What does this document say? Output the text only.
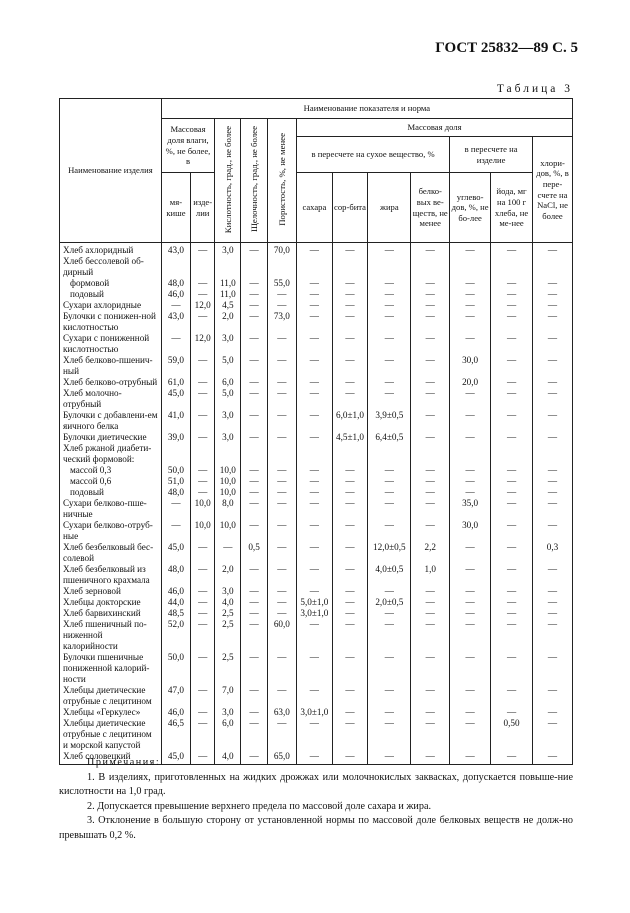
ГОСТ 25832—89 С. 5
Таблица 3
Наименование изделия	Наименование показателя и норма											
	Массовая доля влаги, %, не более, в		Кислотность, град., не более	Щелочность, град., не более	Пористость, %, не менее	Массовая доля						
						в пересчете на сухое вещество, %				в пересчете на изделие		хлори-дов, %, в пере-счете на NaCl, не более
	мя-кише	изде-лии				сахара	сор-бита	жира	белко-вых ве-ществ, не менее	углево-дов, %, не бо-лее	йода, мг на 100 г хлеба, не ме-нее	
Хлеб ахлоридный	43,0	—	3,0	—	70,0	—	—	—	—	—	—	—
Хлеб бессолевой об-дирный												
формовой	48,0	—	11,0	—	55,0	—	—	—	—	—	—	—
подовый	46,0	—	11,0	—	—	—	—	—	—	—	—	—
Сухари ахлоридные	—	12,0	4,5	—	—	—	—	—	—	—	—	—
Булочки с понижен-ной кислотностью	43,0	—	2,0	—	73,0	—	—	—	—	—	—	—
Сухари с пониженной кислотностью	—	12,0	3,0	—	—	—	—	—	—	—	—	—
Хлеб белково-пшенич-ный	59,0	—	5,0	—	—	—	—	—	—	30,0	—	—
Хлеб белково-отрубный	61,0	—	6,0	—	—	—	—	—	—	20,0	—	—
Хлеб молочно-отрубный	45,0	—	5,0	—	—	—	—	—	—	—	—	—
Булочки с добавлени-ем яичного белка	41,0	—	3,0	—	—	—	6,0±1,0	3,9±0,5	—	—	—	—
Булочки диетические	39,0	—	3,0	—	—	—	4,5±1,0	6,4±0,5	—	—	—	—
Хлеб ржаной диабети-ческий формовой:												
массой 0,3	50,0	—	10,0	—	—	—	—	—	—	—	—	—
массой 0,6	51,0	—	10,0	—	—	—	—	—	—	—	—	—
подовый	48,0	—	10,0	—	—	—	—	—	—	—	—	—
Сухари белково-пше-ничные	—	10,0	8,0	—	—	—	—	—	—	35,0	—	—
Сухари белково-отруб-ные	—	10,0	10,0	—	—	—	—	—	—	30,0	—	—
Хлеб безбелковый бес-солевой	45,0	—	—	0,5	—	—	—	12,0±0,5	2,2	—	—	0,3
Хлеб безбелковый из пшеничного крахмала	48,0	—	2,0	—	—	—	—	4,0±0,5	1,0	—	—	—
Хлеб зерновой	46,0	—	3,0	—	—	—	—	—	—	—	—	—
Хлебцы докторские	44,0	—	4,0	—	—	5,0±1,0	—	2,0±0,5	—	—	—	—
Хлеб барвихинский	48,5	—	2,5	—	—	3,0±1,0	—	—	—	—	—	—
Хлеб пшеничный по-ниженной калорийности	52,0	—	2,5	—	60,0	—	—	—	—	—	—	—
Булочки пшеничные пониженной калорий-ности	50,0	—	2,5	—	—	—	—	—	—	—	—	—
Хлебцы диетические отрубные с лецитином	47,0	—	7,0	—	—	—	—	—	—	—	—	—
Хлебцы «Геркулес»	46,0	—	3,0	—	63,0	3,0±1,0	—	—	—	—	—	—
Хлебцы диетические отрубные с лецитином и морской капустой	46,5	—	6,0	—	—	—	—	—	—	—	0,50	—
Хлеб соловецкий	45,0	—	4,0	—	65,0	—	—	—	—	—	—	—

Примечания:

1. В изделиях, приготовленных на жидких дрожжах или молочнокислых заквасках, допускается повыше-ние кислотности на 1,0 град.

2. Допускается превышение верхнего предела по массовой доле сахара и жира.

3. Отклонение в большую сторону от установленной нормы по массовой доле белковых веществ не долж-но превышать 0,2 %.
